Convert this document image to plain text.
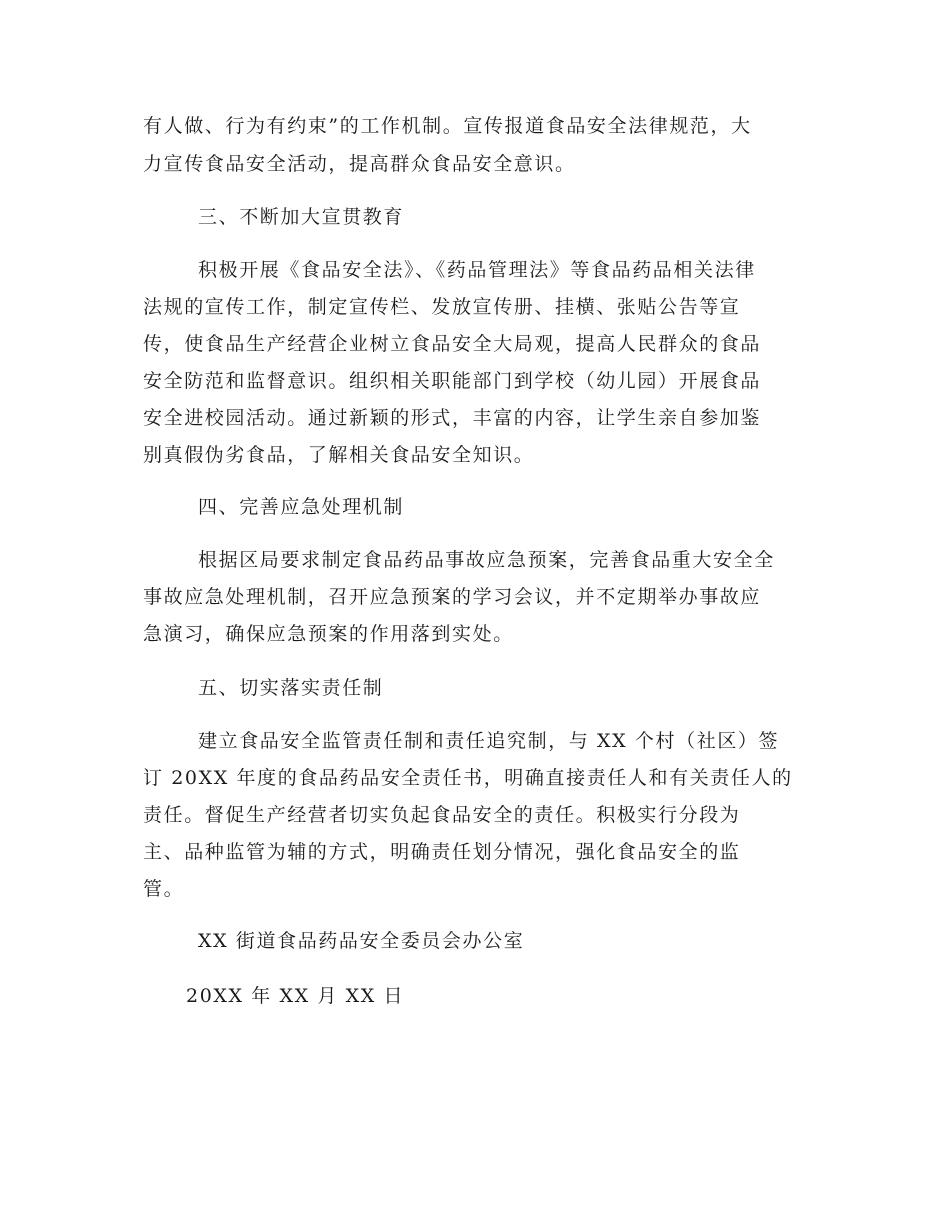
有人做、行为有约束”的工作机制。宣传报道食品安全法律规范，大
力宣传食品安全活动，提高群众食品安全意识。
三、不断加大宣贯教育
积极开展《食品安全法》、《药品管理法》等食品药品相关法律
法规的宣传工作，制定宣传栏、发放宣传册、挂横、张贴公告等宣
传，使食品生产经营企业树立食品安全大局观，提高人民群众的食品
安全防范和监督意识。组织相关职能部门到学校（幼儿园）开展食品
安全进校园活动。通过新颖的形式，丰富的内容，让学生亲自参加鉴
别真假伪劣食品，了解相关食品安全知识。
四、完善应急处理机制
根据区局要求制定食品药品事故应急预案，完善食品重大安全全
事故应急处理机制，召开应急预案的学习会议，并不定期举办事故应
急演习，确保应急预案的作用落到实处。
五、切实落实责任制
建立食品安全监管责任制和责任追究制，与 XX 个村（社区）签
订 20XX 年度的食品药品安全责任书，明确直接责任人和有关责任人的
责任。督促生产经营者切实负起食品安全的责任。积极实行分段为
主、品种监管为辅的方式，明确责任划分情况，强化食品安全的监
管。
XX 街道食品药品安全委员会办公室
20XX 年 XX 月 XX 日
